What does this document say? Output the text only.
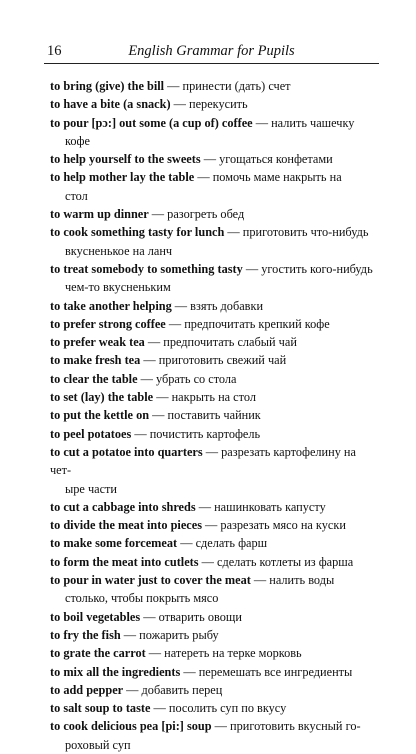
16	English Grammar for Pupils
to bring (give) the bill — принести (дать) счет
to have a bite (a snack) — перекусить
to pour [pɔ:] out some (a cup of) coffee — налить чашечку
кофе
to help yourself to the sweets — угощаться конфетами
to help mother lay the table — помочь маме накрыть на
стол
to warm up dinner — разогреть обед
to cook something tasty for lunch — приготовить что-нибудь
вкусненькое на ланч
to treat somebody to something tasty — угостить кого-нибудь
чем-то вкусненьким
to take another helping — взять добавки
to prefer strong coffee — предпочитать крепкий кофе
to prefer weak tea — предпочитать слабый чай
to make fresh tea — приготовить свежий чай
to clear the table — убрать со стола
to set (lay) the table — накрыть на стол
to put the kettle on — поставить чайник
to peel potatoes — почистить картофель
to cut a potatoe into quarters — разрезать картофелину на чет-
ыре части
to cut a cabbage into shreds — нашинковать капусту
to divide the meat into pieces — разрезать мясо на куски
to make some forcemeat — сделать фарш
to form the meat into cutlets — сделать котлеты из фарша
to pour in water just to cover the meat — налить воды
столько, чтобы покрыть мясо
to boil vegetables — отварить овощи
to fry the fish — пожарить рыбу
to grate the carrot — натереть на терке морковь
to mix all the ingredients — перемешать все ингредиенты
to add pepper — добавить перец
to salt soup to taste — посолить суп по вкусу
to cook delicious pea [pi:] soup — приготовить вкусный го-
роховый суп
